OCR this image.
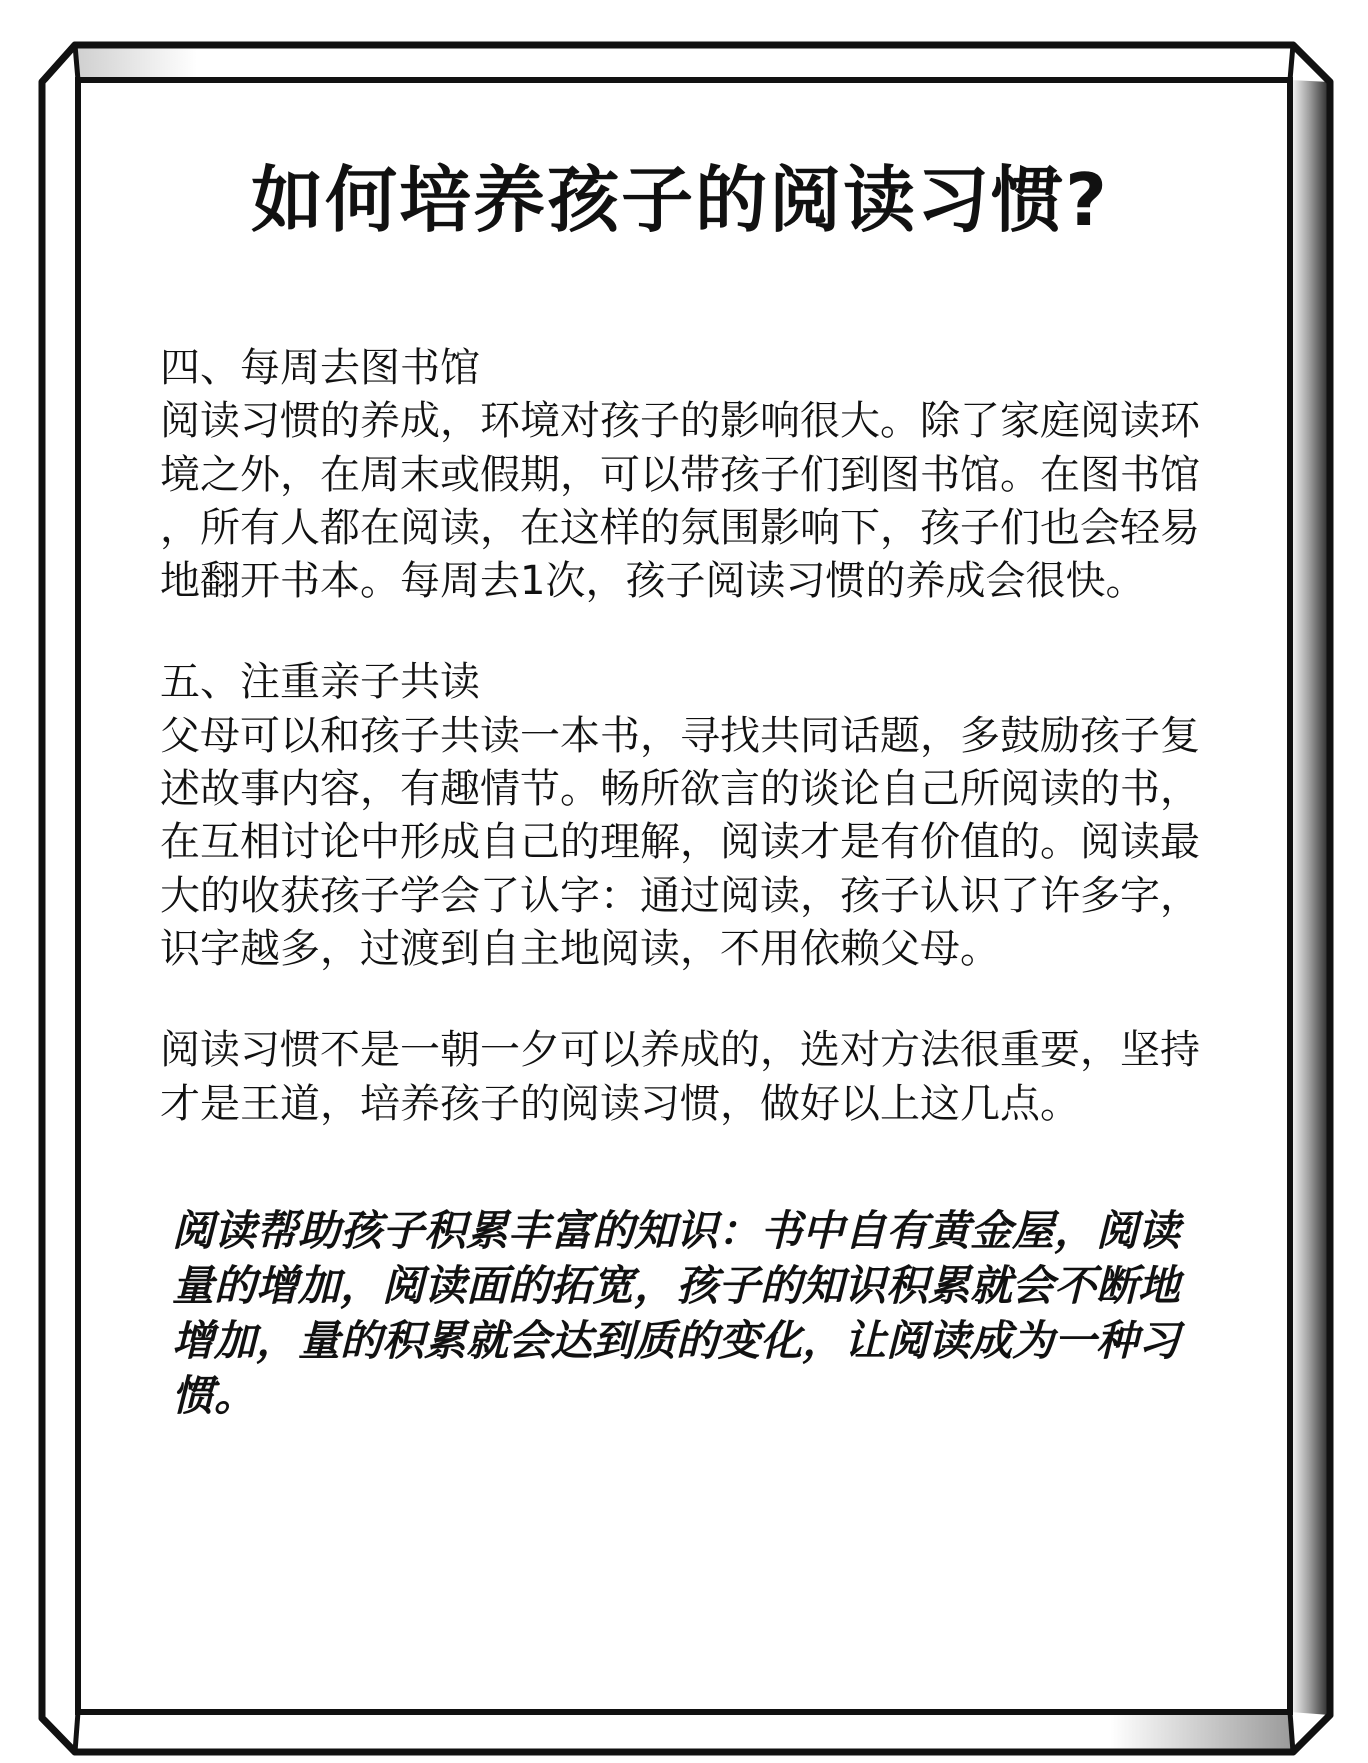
如何培养孩子的阅读习惯?

四、每周去图书馆

阅读习惯的养成，环境对孩子的影响很大。除了家庭阅读环境之外，在周末或假期，可以带孩子们到图书馆。在图书馆，所有人都在阅读，在这样的氛围影响下，孩子们也会轻易地翻开书本。每周去1次，孩子阅读习惯的养成会很快。

五、注重亲子共读

父母可以和孩子共读一本书，寻找共同话题，多鼓励孩子复述故事内容，有趣情节。畅所欲言的谈论自己所阅读的书，在互相讨论中形成自己的理解，阅读才是有价值的。阅读最大的收获孩子学会了认字：通过阅读，孩子认识了许多字，识字越多，过渡到自主地阅读，不用依赖父母。

阅读习惯不是一朝一夕可以养成的，选对方法很重要，坚持才是王道，培养孩子的阅读习惯，做好以上这几点。

阅读帮助孩子积累丰富的知识：书中自有黄金屋，阅读量的增加，阅读面的拓宽，孩子的知识积累就会不断地增加，量的积累就会达到质的变化，让阅读成为一种习惯。
